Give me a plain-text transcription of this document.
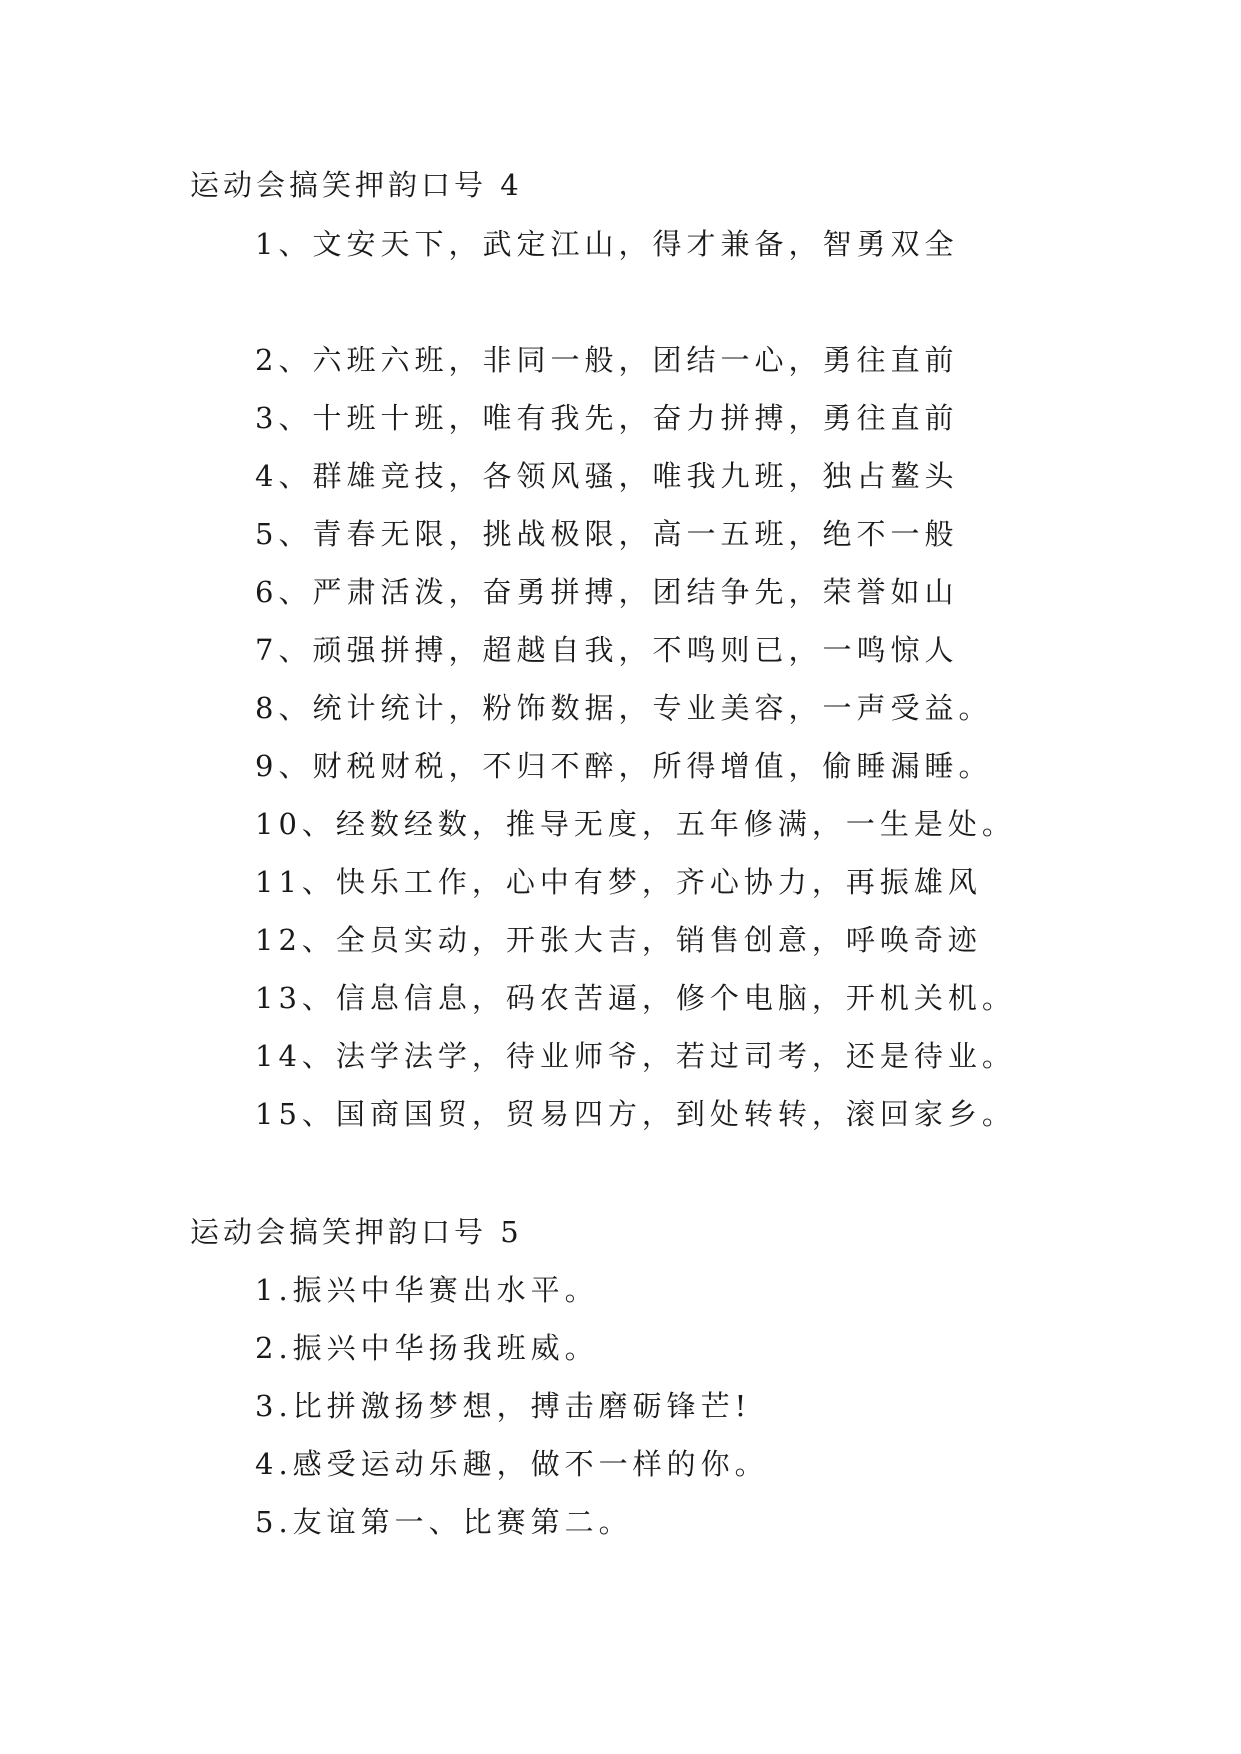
运动会搞笑押韵口号 4
1、文安天下，武定江山，得才兼备，智勇双全
2、六班六班，非同一般，团结一心，勇往直前
3、十班十班，唯有我先，奋力拼搏，勇往直前
4、群雄竞技，各领风骚，唯我九班，独占鳌头
5、青春无限，挑战极限，高一五班，绝不一般
6、严肃活泼，奋勇拼搏，团结争先，荣誉如山
7、顽强拼搏，超越自我，不鸣则已，一鸣惊人
8、统计统计，粉饰数据，专业美容，一声受益。
9、财税财税，不归不醉，所得增值，偷睡漏睡。
10、经数经数，推导无度，五年修满，一生是处。
11、快乐工作，心中有梦，齐心协力，再振雄风
12、全员实动，开张大吉，销售创意，呼唤奇迹
13、信息信息，码农苦逼，修个电脑，开机关机。
14、法学法学，待业师爷，若过司考，还是待业。
15、国商国贸，贸易四方，到处转转，滚回家乡。
运动会搞笑押韵口号 5
1.振兴中华赛出水平。
2.振兴中华扬我班威。
3.比拼激扬梦想，搏击磨砺锋芒!
4.感受运动乐趣，做不一样的你。
5.友谊第一、比赛第二。
